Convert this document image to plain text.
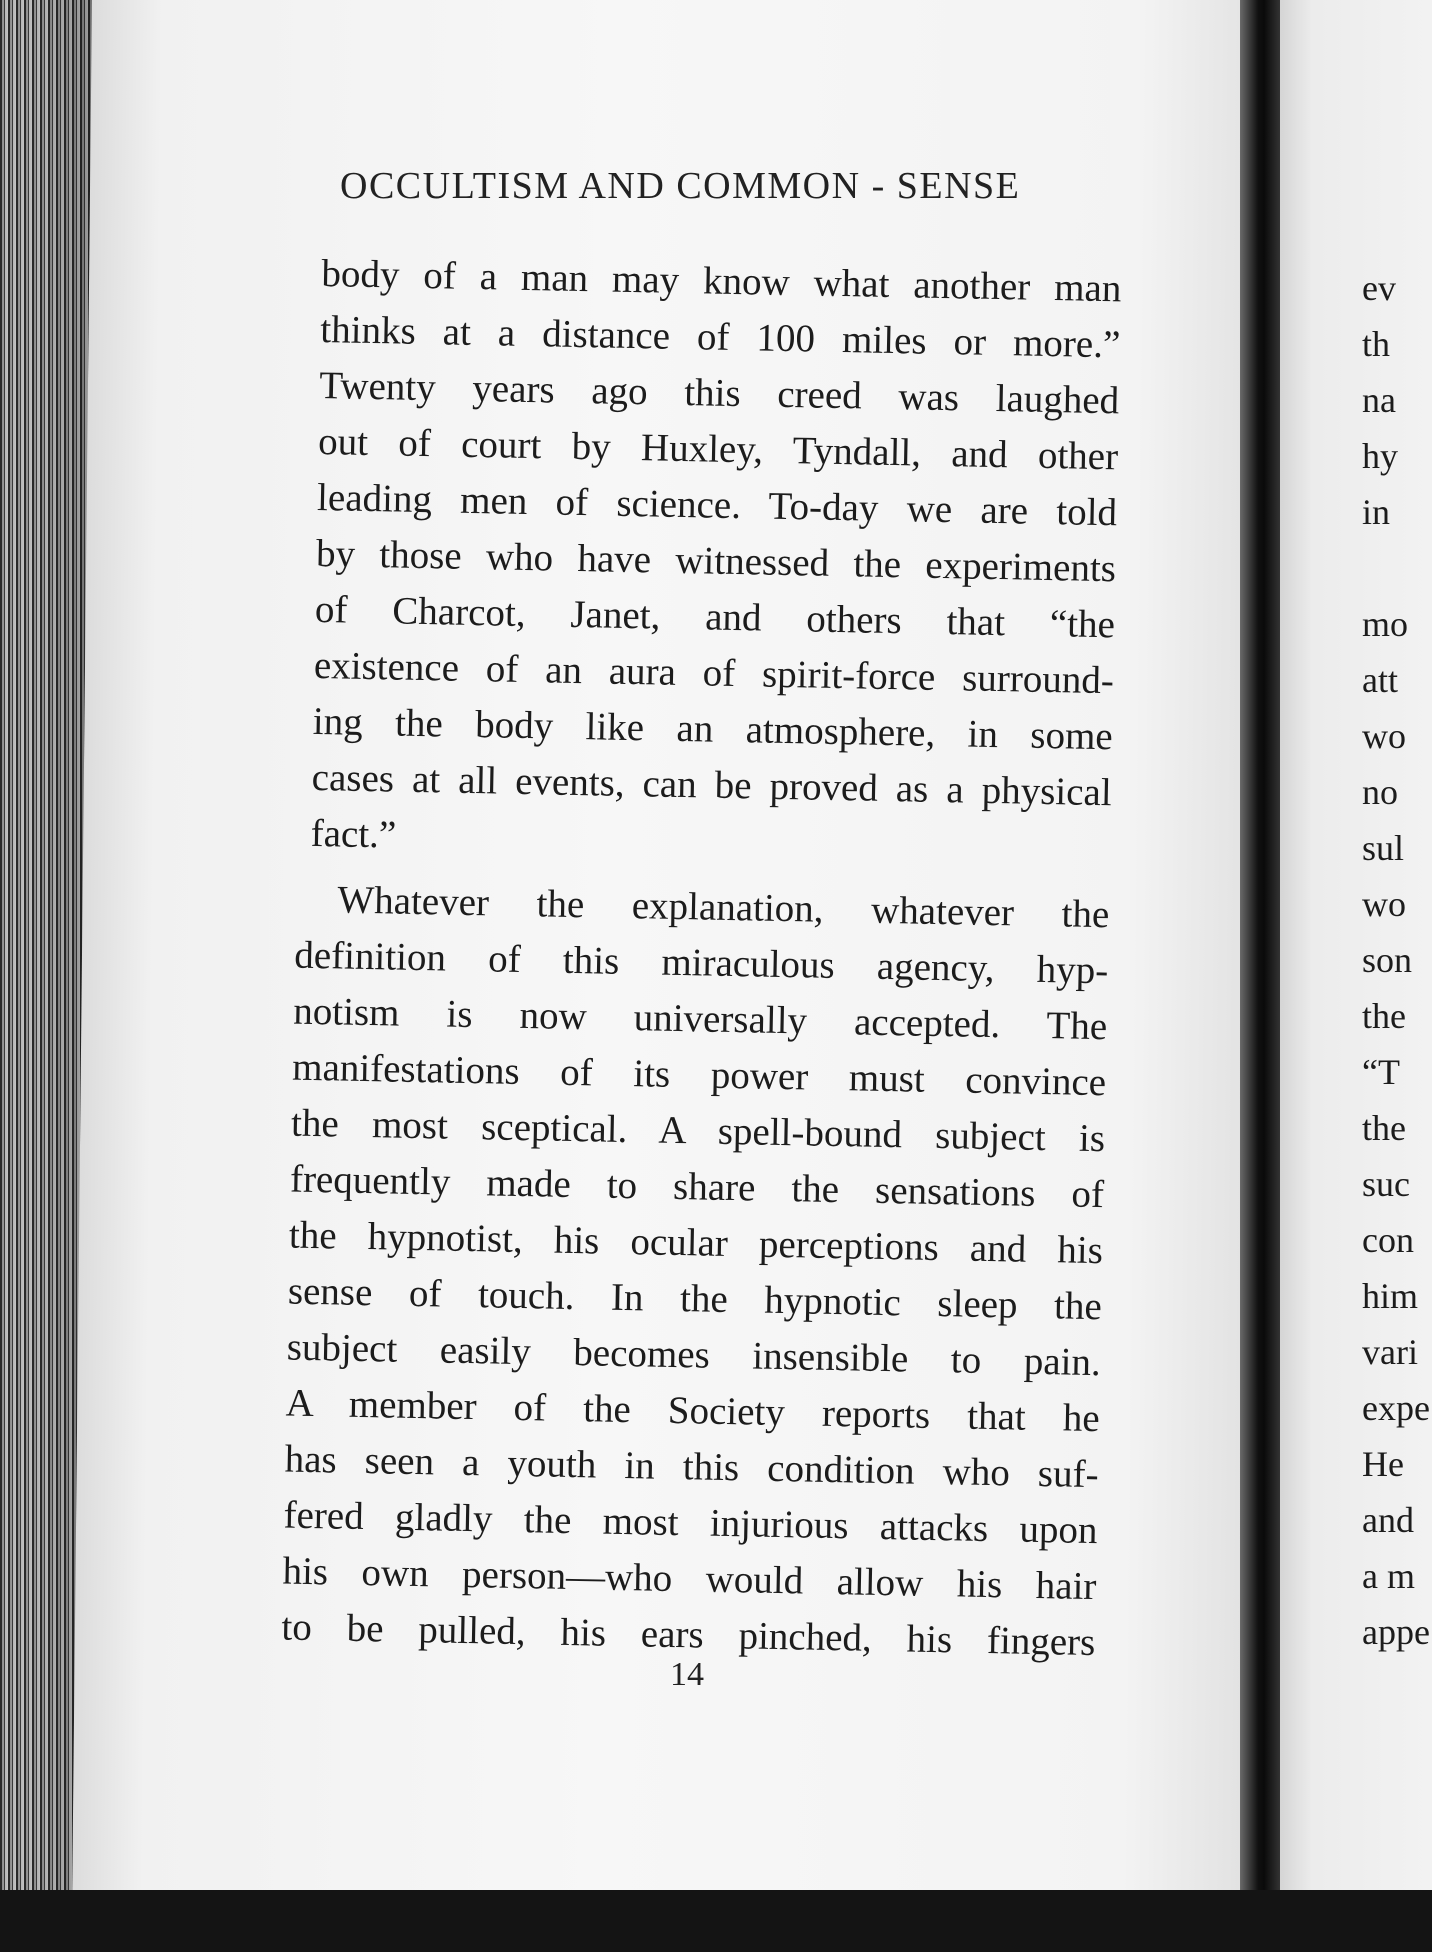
OCCULTISM AND COMMON - SENSE
body of a man may know what another man
thinks at a distance of 100 miles or more.”
Twenty years ago this creed was laughed
out of court by Huxley, Tyndall, and other
leading men of science. To-day we are told
by those who have witnessed the experiments
of Charcot, Janet, and others that “the
existence of an aura of spirit-force surround-
ing the body like an atmosphere, in some
cases at all events, can be proved as a physical
fact.”
Whatever the explanation, whatever the
definition of this miraculous agency, hyp-
notism is now universally accepted. The
manifestations of its power must convince
the most sceptical. A spell-bound subject is
frequently made to share the sensations of
the hypnotist, his ocular perceptions and his
sense of touch. In the hypnotic sleep the
subject easily becomes insensible to pain.
A member of the Society reports that he
has seen a youth in this condition who suf-
fered gladly the most injurious attacks upon
his own person—who would allow his hair
to be pulled, his ears pinched, his fingers
14
ev
th
na
hy
in
mo
att
wo
no
sul
wo
son
the
“T
the
suc
con
him
vari
expe
He
and
a m
appe
